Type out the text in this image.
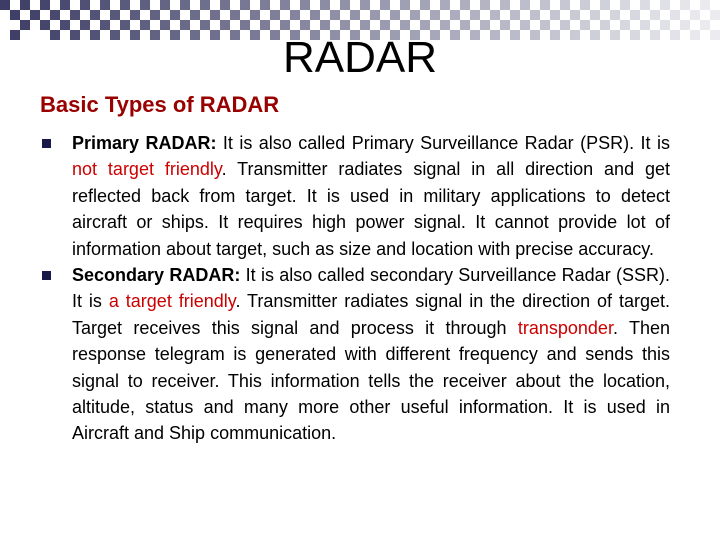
RADAR
Basic Types of RADAR
Primary RADAR: It is also called Primary Surveillance Radar (PSR). It is not target friendly. Transmitter radiates signal in all direction and get reflected back from target. It is used in military applications to detect aircraft or ships. It requires high power signal. It cannot provide lot of information about target, such as size and location with precise accuracy.
Secondary RADAR: It is also called secondary Surveillance Radar (SSR). It is a target friendly. Transmitter radiates signal in the direction of target. Target receives this signal and process it through transponder. Then response telegram is generated with different frequency and sends this signal to receiver. This information tells the receiver about the location, altitude, status and many more other useful information. It is used in Aircraft and Ship communication.
